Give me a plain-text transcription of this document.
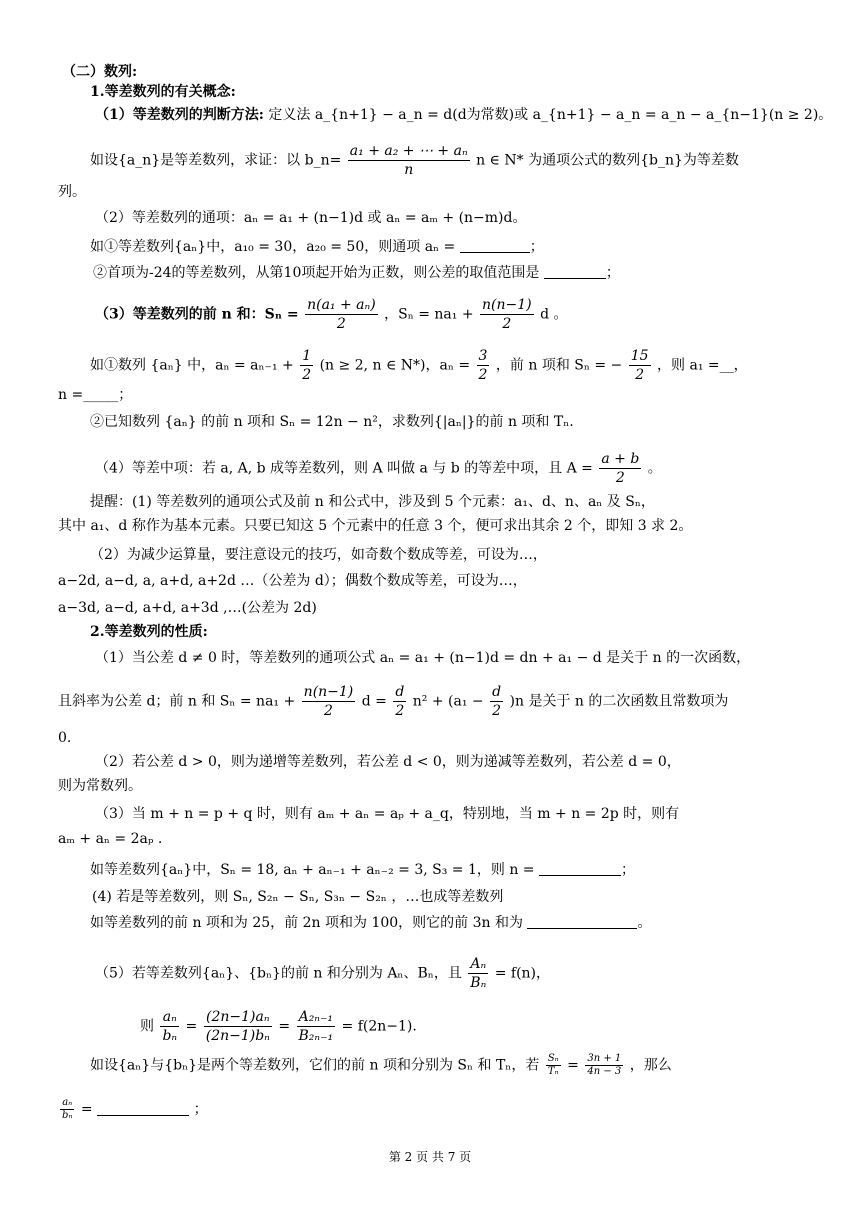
（二）数列:
1.等差数列的有关概念:
（1）等差数列的判断方法: 定义法 a_{n+1} − a_n = d(d为常数)或 a_{n+1} − a_n = a_n − a_{n−1}(n ≥ 2)。
如设{a_n}是等差数列，求证：以 b_n= $\frac{\text{a₁ + a₂ + ⋯ + aₙ}}{n}$ n ∈ N* 为通项公式的数列{b_n}为等差数
列。
（2）等差数列的通项：aₙ = a₁ + (n−1)d 或 aₙ = aₘ + (n−m)d。
如①等差数列{aₙ}中，a₁₀ = 30，a₂₀ = 50，则通项 aₙ =	；
②首项为-24的等差数列，从第10项起开始为正数，则公差的取值范围是	；
（3）等差数列的前 n 和：$S_n = \frac{\text{n(a₁ + aₙ)}}{2}$ ，$S_n = na_1 + \frac{n(n-1)}{2}$ d 。
如①数列 {aₙ} 中，$a_n = a_{n-1} + \frac{1}{2} (n \ge 2$, n ∈ N*)，$a_n = \frac{3}{2}$ ，前 n 项和 Sₙ = − $\frac{15}{2}$ ，则 a₁ =__，
n =_____；
②已知数列 {aₙ} 的前 n 项和 Sₙ = 12n − n²，求数列{|aₙ|}的前 n 项和 Tₙ.
（4）等差中项：若 a, A, b 成等差数列，则 A 叫做 a 与 b 的等差中项，且 $A = \frac{a + b}{2}$ 。
提醒：(1) 等差数列的通项公式及前 n 和公式中，涉及到 5 个元素：a₁、d、n、aₙ 及 Sₙ，
其中 a₁、d 称作为基本元素。只要已知这 5 个元素中的任意 3 个，便可求出其余 2 个，即知 3 求 2。
（2）为减少运算量，要注意设元的技巧，如奇数个数成等差，可设为…，
a−2d, a−d, a, a+d, a+2d …（公差为 d）；偶数个数成等差，可设为…，
a−3d, a−d, a+d, a+3d ,…(公差为 2d)
2.等差数列的性质:
（1）当公差 d ≠ 0 时，等差数列的通项公式 aₙ = a₁ + (n−1)d = dn + a₁ − d 是关于 n 的一次函数，
且斜率为公差 d；前 n 和 $S_n = na_1 + \frac{n(n-1)}{2}$ $d = \frac{d}{2} n^2 + (a_1 - \frac{d}{2} )n$ 是关于 n 的二次函数且常数项为
0.
（2）若公差 d > 0，则为递增等差数列，若公差 d < 0，则为递减等差数列，若公差 d = 0，
则为常数列。
（3）当 m + n = p + q 时，则有 aₘ + aₙ = aₚ + a_q，特别地，当 m + n = 2p 时，则有
aₘ + aₙ = 2aₚ .
如等差数列{aₙ}中，Sₙ = 18, aₙ + aₙ₋₁ + aₙ₋₂ = 3, S₃ = 1，则 n =	；
(4) 若是等差数列，则 Sₙ, S₂ₙ − Sₙ, S₃ₙ − S₂ₙ ，…也成等差数列
如等差数列的前 n 项和为 25，前 2n 项和为 100，则它的前 3n 和为	。
（5）若等差数列{aₙ}、{bₙ}的前 n 和分别为 Aₙ、Bₙ，且 $\frac{\text{Aₙ}}{\text{Bₙ}} = f(n)$，
则 $\frac{\text{aₙ}}{\text{bₙ}} = \frac{\text{(2n−1)aₙ}}{\text{(2n−1)bₙ}} = \frac{\text{A₂ₙ₋₁}}{\text{B₂ₙ₋₁}} = f(2n-1)$.
如设{aₙ}与{bₙ}是两个等差数列，它们的前 n 项和分别为 Sₙ 和 Tₙ，若 $\frac{\text{Sₙ}}{\text{Tₙ}} = \frac{3n + 1}{4n - 3}$ ，那么
$\frac{\text{aₙ}}{\text{bₙ}}$ =	；
第 2 页 共 7 页
